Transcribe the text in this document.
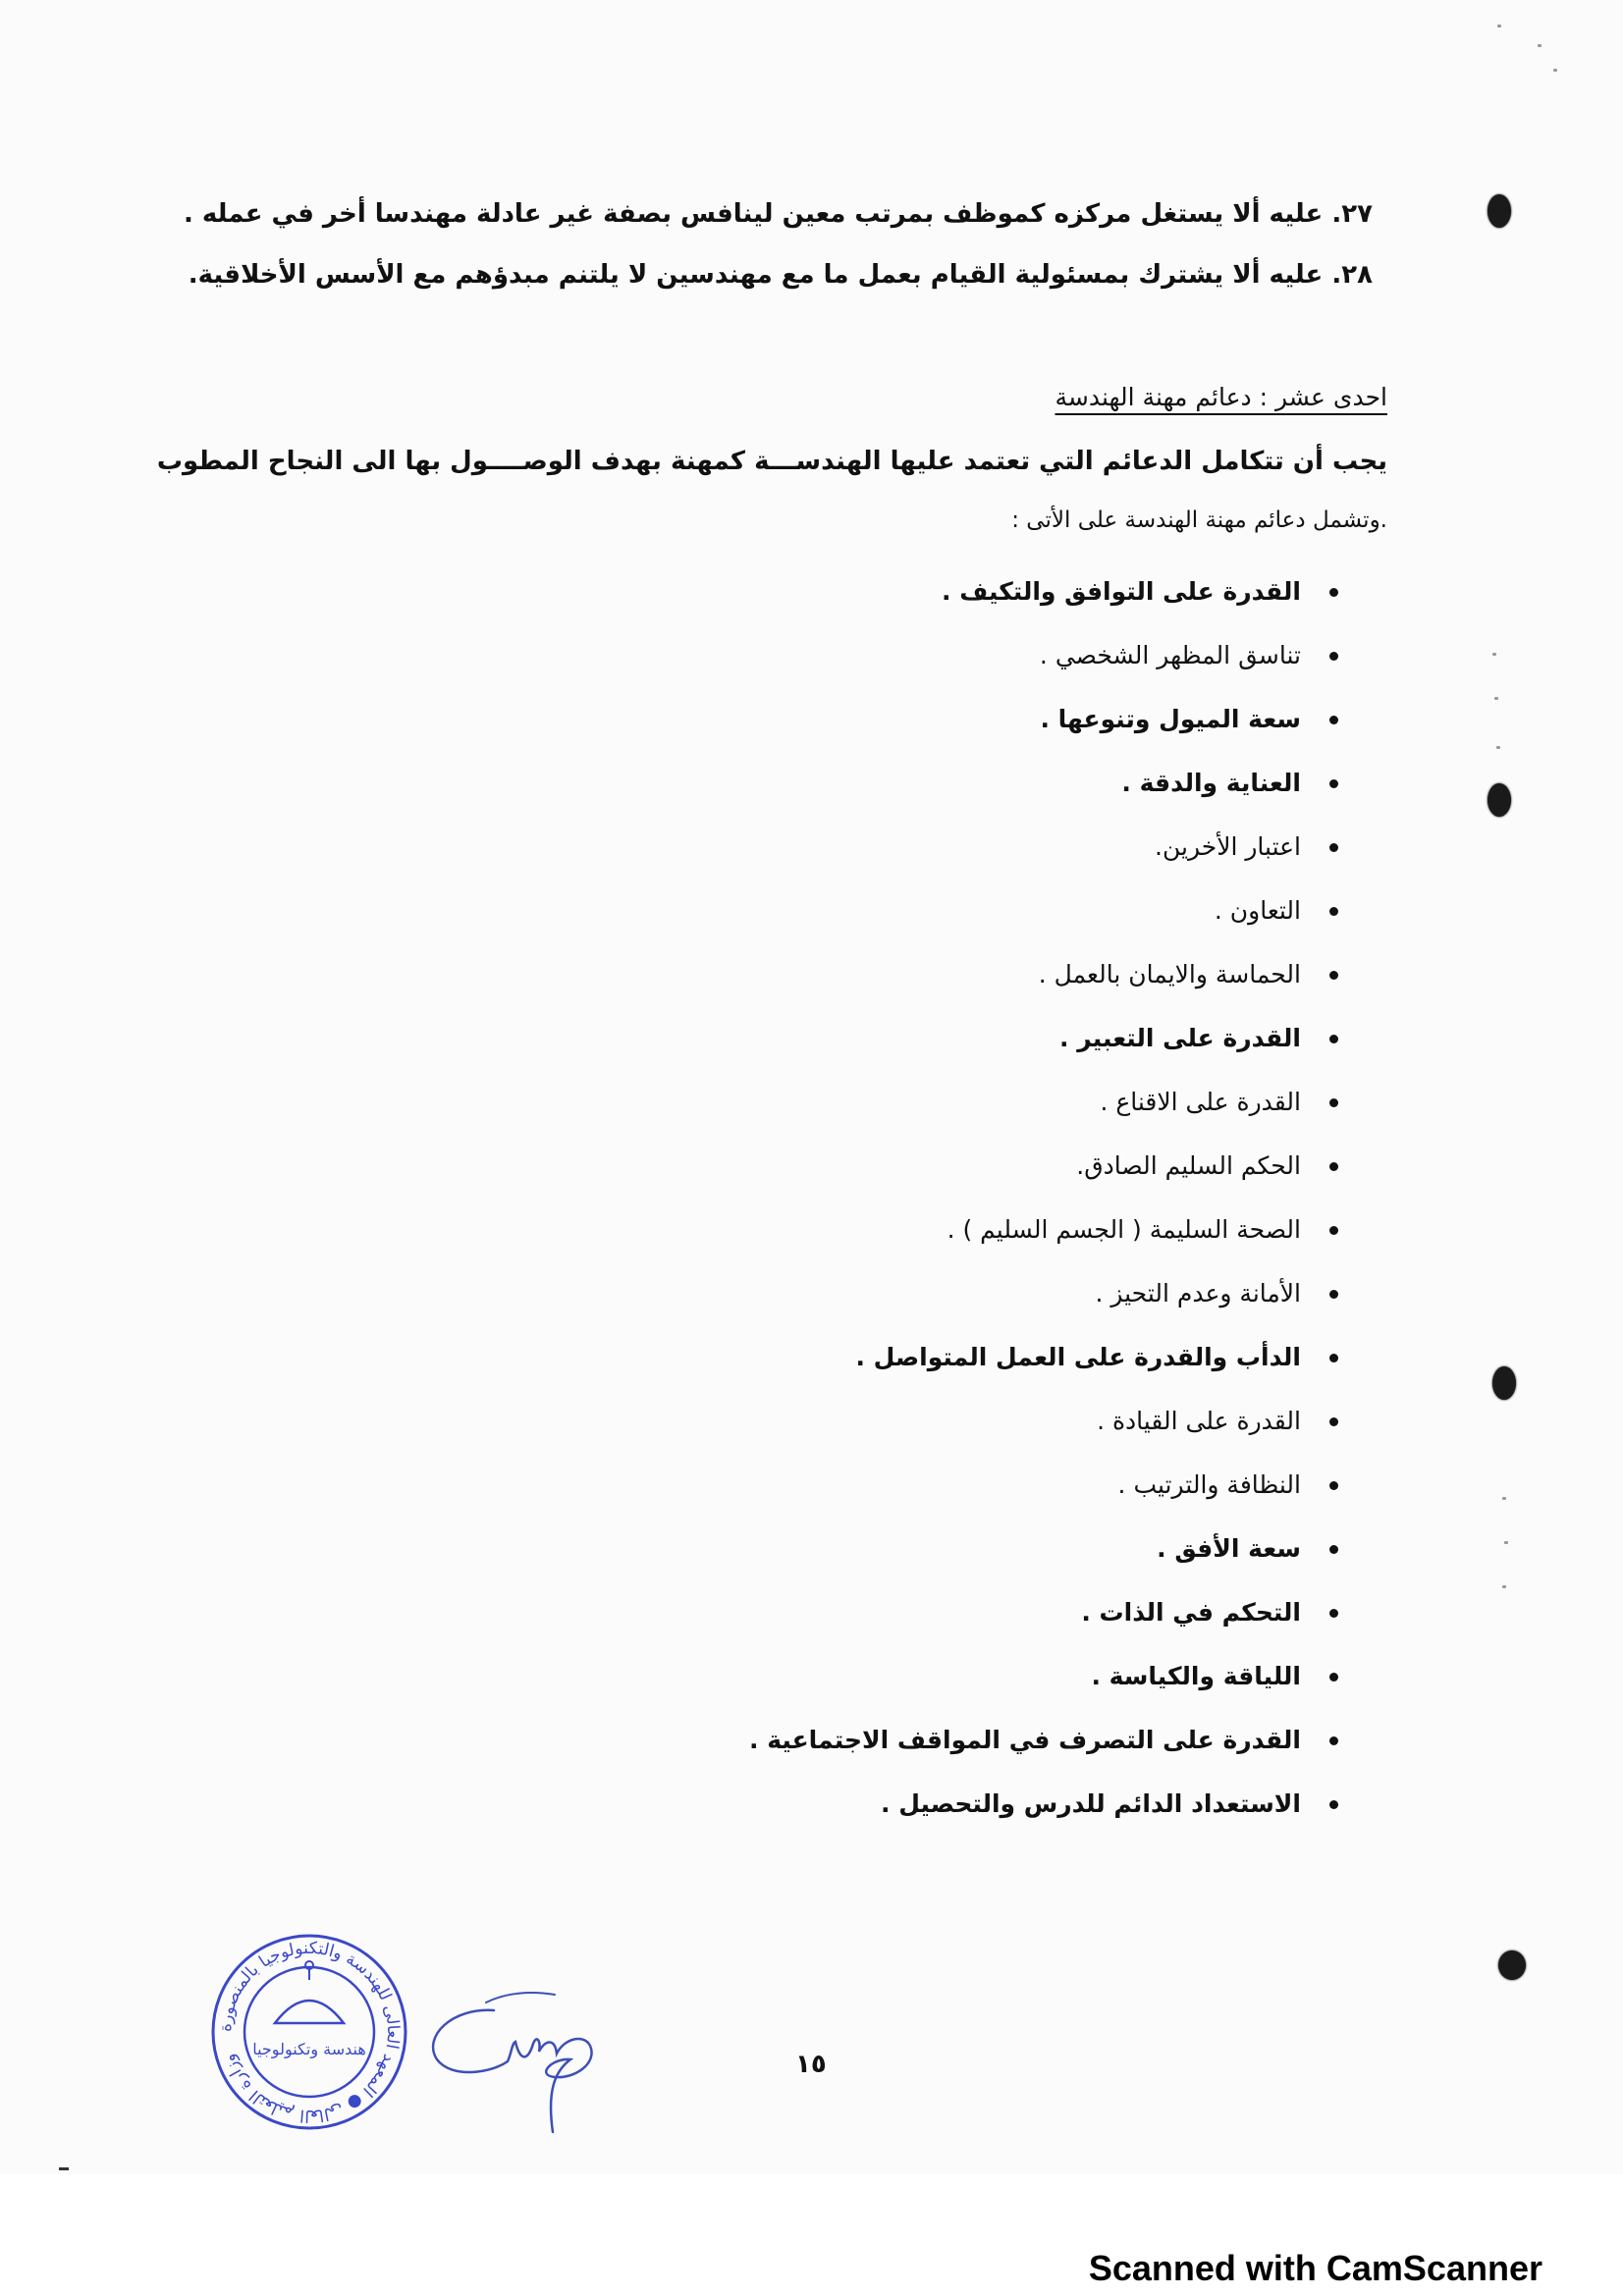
٢٧. عليه ألا يستغل مركزه كموظف بمرتب معين لينافس بصفة غير عادلة مهندسا أخر في عمله .
٢٨. عليه ألا يشترك بمسئولية القيام بعمل ما مع مهندسين لا يلتنم مبدؤهم مع الأسس الأخلاقية.
احدى عشر : دعائم مهنة الهندسة
يجب أن تتكامل الدعائم التي تعتمد عليها الهندســـة كمهنة بهدف الوصــــول بها الى النجاح المطوب
.وتشمل دعائم مهنة الهندسة على الأتى :
القدرة على التوافق والتكيف .
تناسق المظهر الشخصي .
سعة الميول وتنوعها .
العناية والدقة .
اعتبار الأخرين.
التعاون .
الحماسة والايمان بالعمل .
القدرة على التعبير .
القدرة على الاقناع .
الحكم السليم الصادق.
الصحة السليمة ( الجسم السليم ) .
الأمانة وعدم التحيز .
الدأب والقدرة على العمل المتواصل .
القدرة على القيادة .
النظافة والترتيب .
سعة الأفق .
التحكم في الذات .
اللياقة والكياسة .
القدرة على التصرف في المواقف الاجتماعية .
الاستعداد الدائم للدرس والتحصيل .
وزارة التعليم العالى ● المعهد العالى للهندسة والتكنولوجيا بالمنصورة هندسة وتكنولوجيا
١٥
Scanned with CamScanner
